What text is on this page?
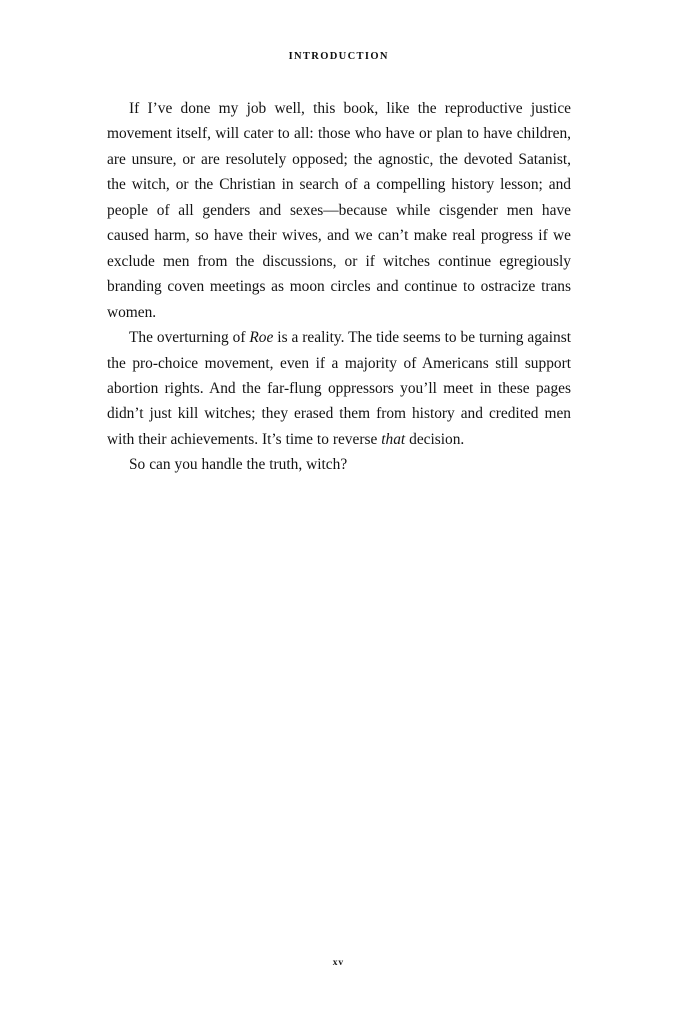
INTRODUCTION

If I’ve done my job well, this book, like the reproductive justice movement itself, will cater to all: those who have or plan to have children, are unsure, or are resolutely opposed; the agnostic, the devoted Satanist, the witch, or the Christian in search of a compelling history lesson; and people of all genders and sexes—because while cisgender men have caused harm, so have their wives, and we can’t make real progress if we exclude men from the discussions, or if witches continue egregiously branding coven meetings as moon circles and continue to ostracize trans women.

The overturning of Roe is a reality. The tide seems to be turning against the pro-choice movement, even if a majority of Americans still support abortion rights. And the far-flung oppressors you’ll meet in these pages didn’t just kill witches; they erased them from history and credited men with their achievements. It’s time to reverse that decision.

So can you handle the truth, witch?

xv
